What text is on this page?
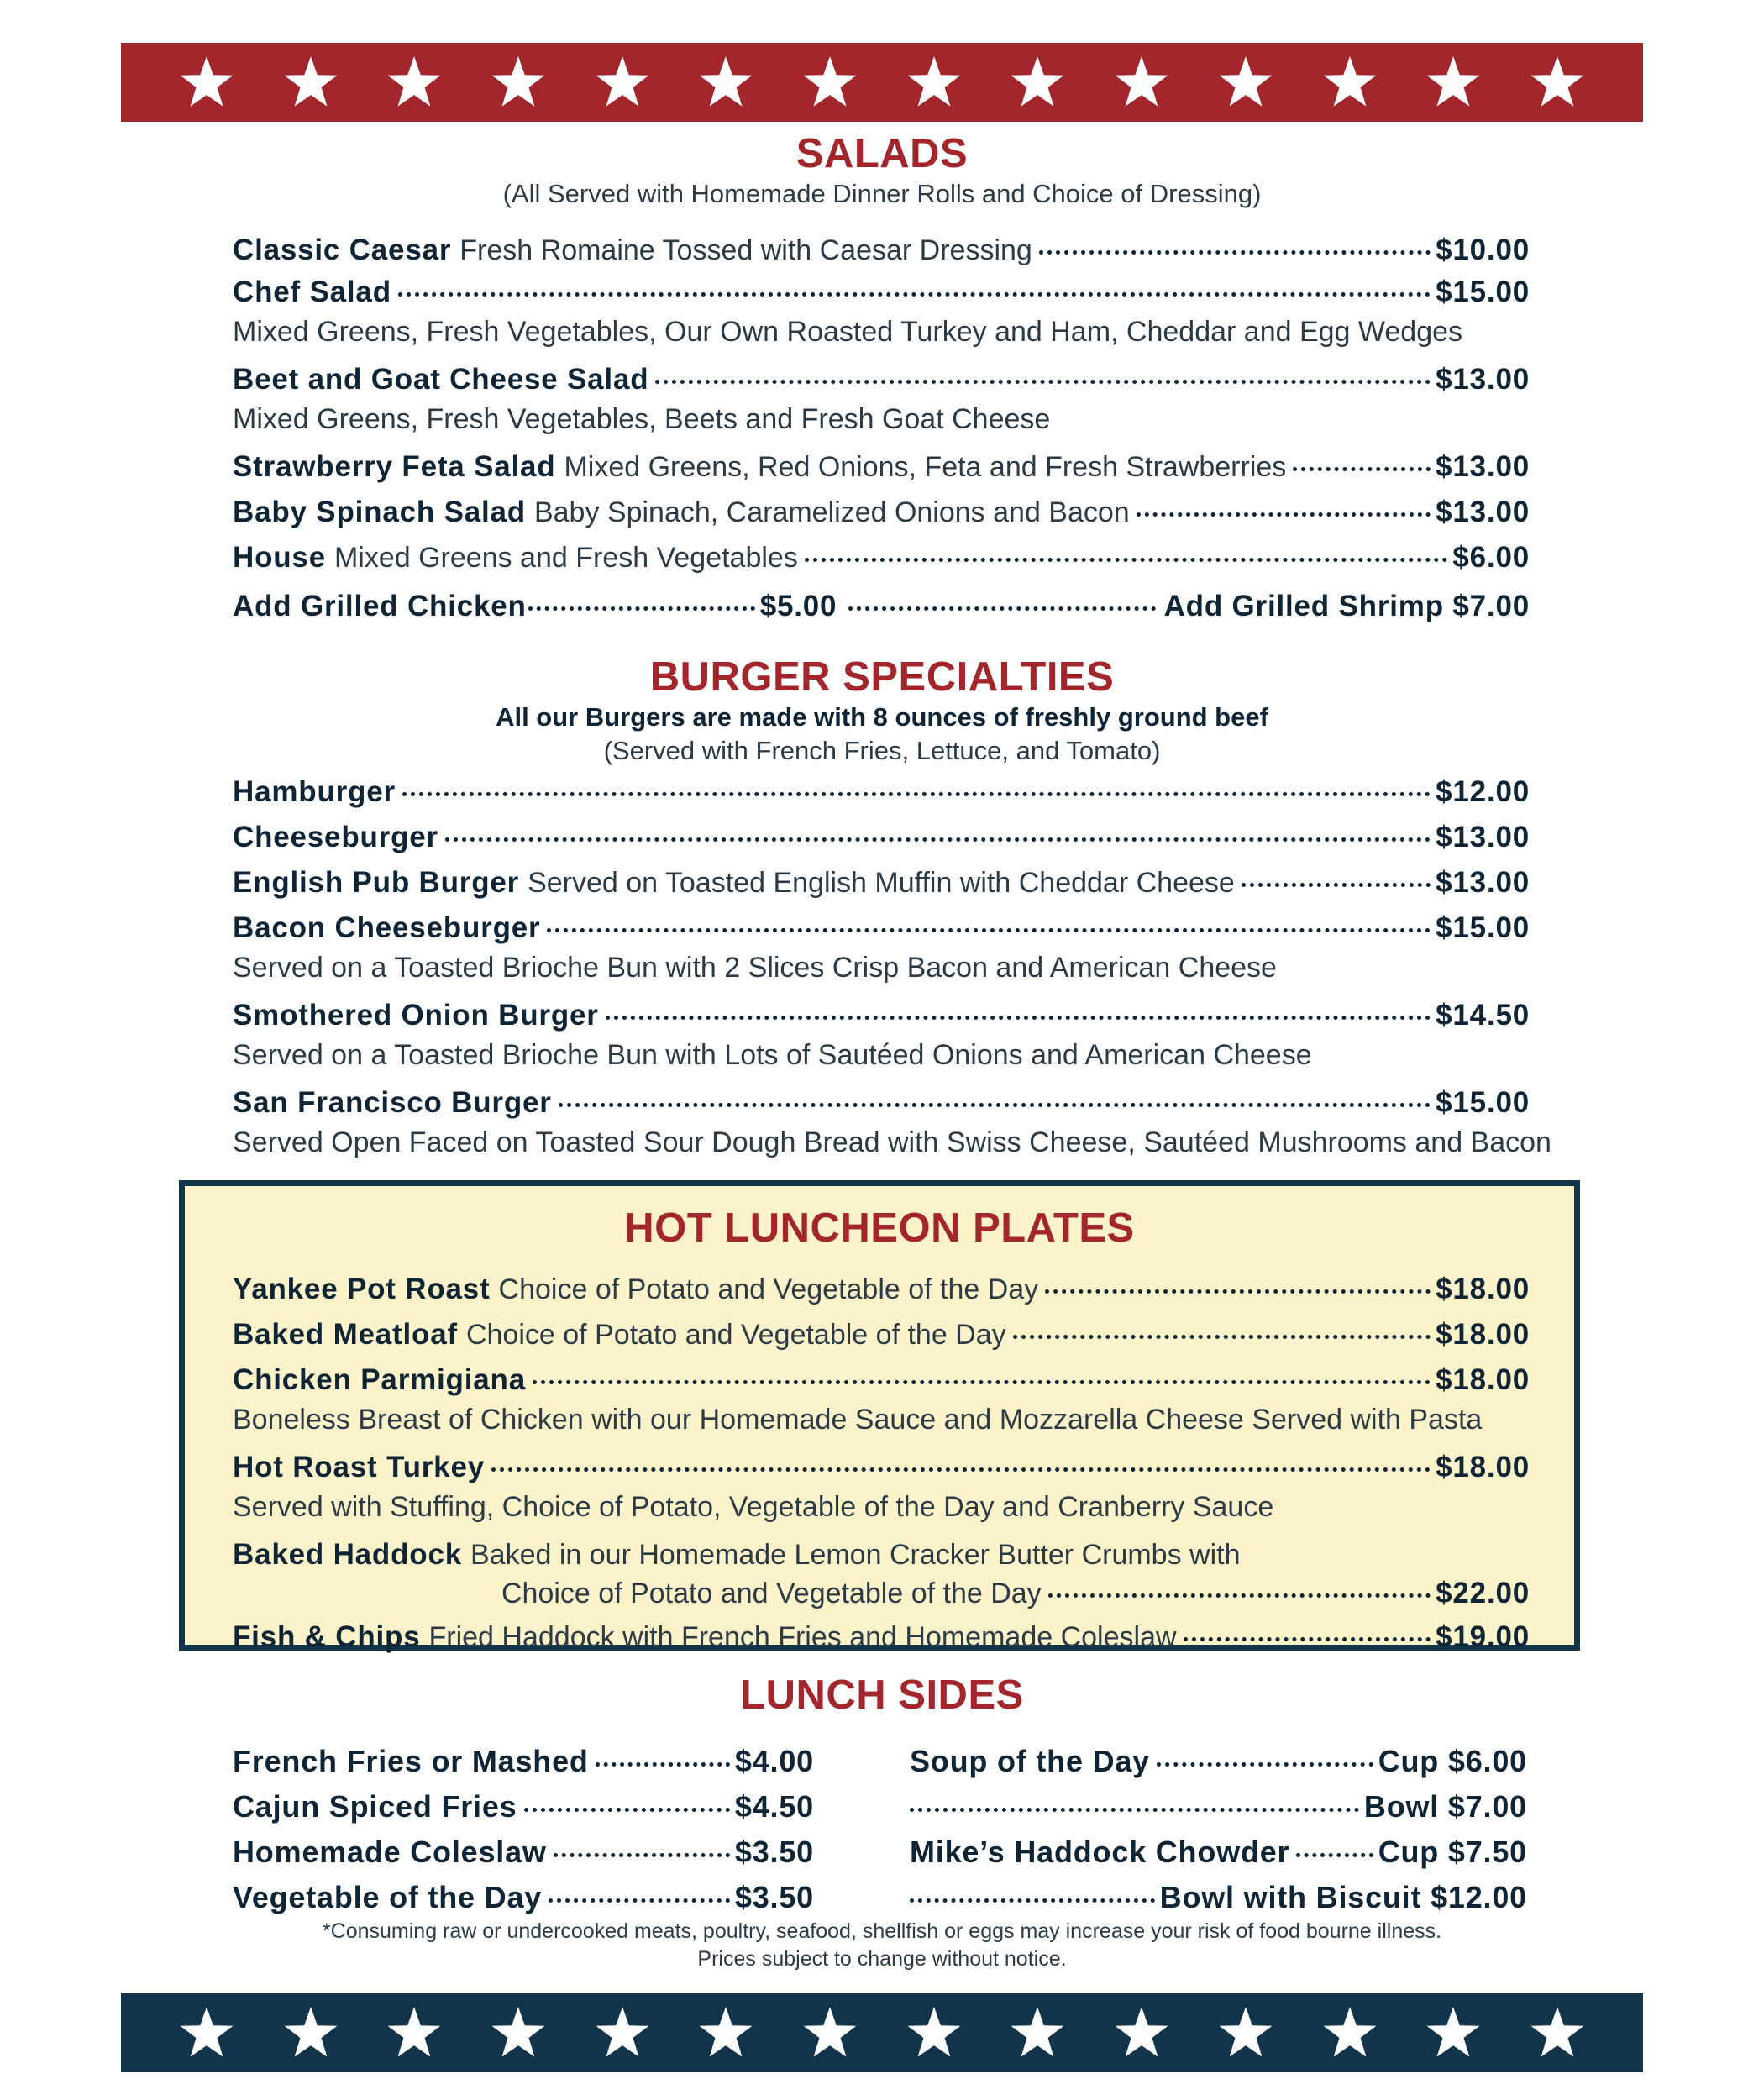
SALADS
(All Served with Homemade Dinner Rolls and Choice of Dressing)
Classic Caesar Fresh Romaine Tossed with Caesar Dressing	$10.00
Chef Salad	$15.00
Mixed Greens, Fresh Vegetables, Our Own Roasted Turkey and Ham, Cheddar and Egg Wedges
Beet and Goat Cheese Salad	$13.00
Mixed Greens, Fresh Vegetables, Beets and Fresh Goat Cheese
Strawberry Feta Salad Mixed Greens, Red Onions, Feta and Fresh Strawberries	$13.00
Baby Spinach Salad Baby Spinach, Caramelized Onions and Bacon	$13.00
House Mixed Greens and Fresh Vegetables	$6.00
Add Grilled Chicken	$5.00	Add Grilled Shrimp $7.00
BURGER SPECIALTIES
All our Burgers are made with 8 ounces of freshly ground beef
(Served with French Fries, Lettuce, and Tomato)
Hamburger	$12.00
Cheeseburger	$13.00
English Pub Burger Served on Toasted English Muffin with Cheddar Cheese	$13.00
Bacon Cheeseburger	$15.00
Served on a Toasted Brioche Bun with 2 Slices Crisp Bacon and American Cheese
Smothered Onion Burger	$14.50
Served on a Toasted Brioche Bun with Lots of Sautéed Onions and American Cheese
San Francisco Burger	$15.00
Served Open Faced on Toasted Sour Dough Bread with Swiss Cheese, Sautéed Mushrooms and Bacon
HOT LUNCHEON PLATES
Yankee Pot Roast Choice of Potato and Vegetable of the Day	$18.00
Baked Meatloaf Choice of Potato and Vegetable of the Day	$18.00
Chicken Parmigiana	$18.00
Boneless Breast of Chicken with our Homemade Sauce and Mozzarella Cheese Served with Pasta
Hot Roast Turkey	$18.00
Served with Stuffing, Choice of Potato, Vegetable of the Day and Cranberry Sauce
Baked Haddock Baked in our Homemade Lemon Cracker Butter Crumbs with
Choice of Potato and Vegetable of the Day	$22.00
Fish & Chips Fried Haddock with French Fries and Homemade Coleslaw	$19.00
LUNCH SIDES
French Fries or Mashed	$4.00
Cajun Spiced Fries	$4.50
Homemade Coleslaw	$3.50
Vegetable of the Day	$3.50
Soup of the Day	Cup $6.00
Bowl $7.00
Mike’s Haddock Chowder	Cup $7.50
Bowl with Biscuit $12.00
*Consuming raw or undercooked meats, poultry, seafood, shellfish or eggs may increase your risk of food bourne illness.
Prices subject to change without notice.
